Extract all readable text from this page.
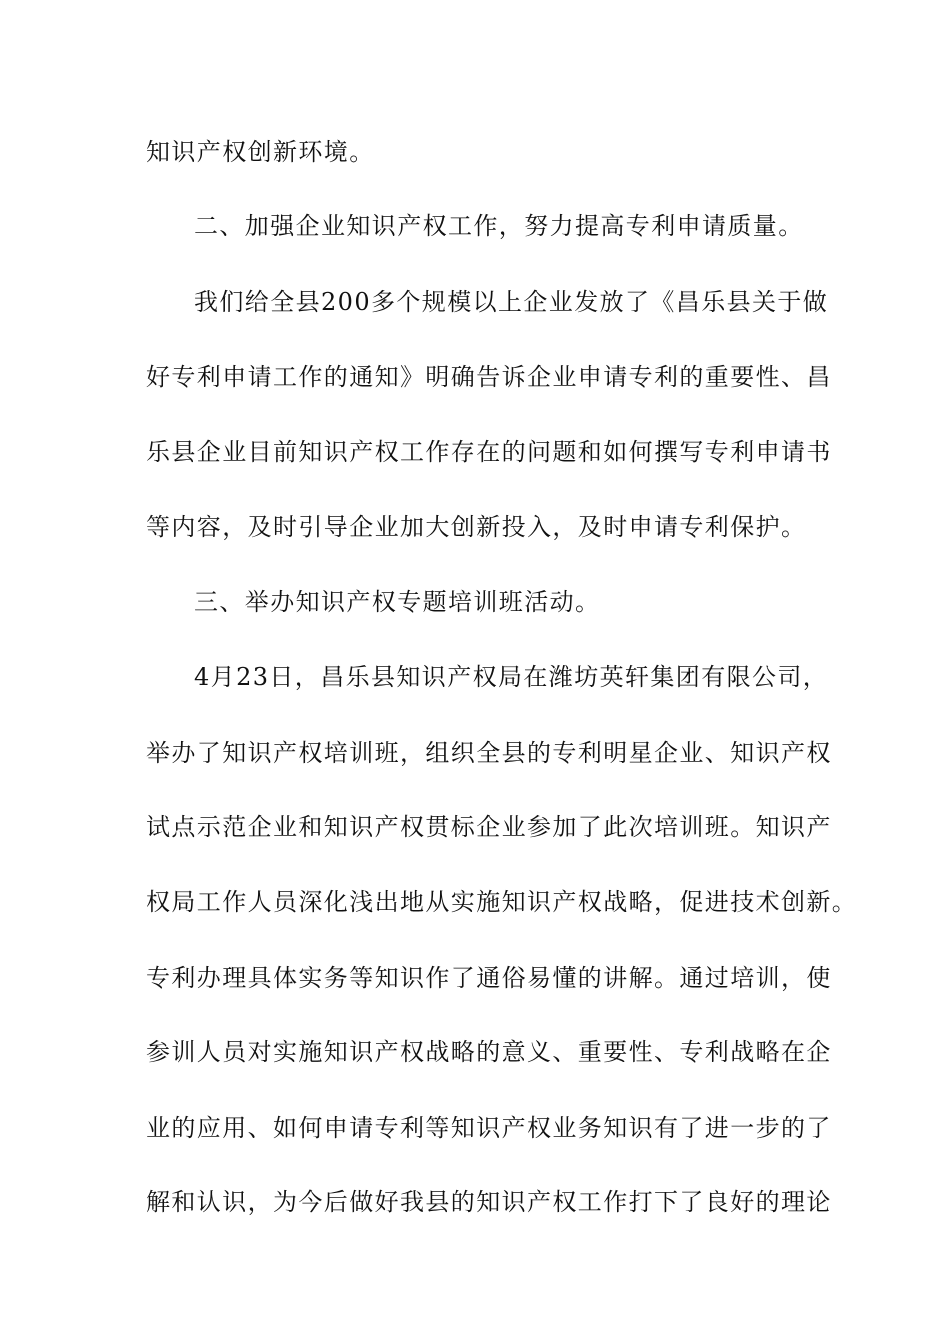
知识产权创新环境。
二、加强企业知识产权工作，努力提高专利申请质量。
我们给全县200多个规模以上企业发放了《昌乐县关于做
好专利申请工作的通知》明确告诉企业申请专利的重要性、昌
乐县企业目前知识产权工作存在的问题和如何撰写专利申请书
等内容，及时引导企业加大创新投入，及时申请专利保护。
三、举办知识产权专题培训班活动。
4月23日，昌乐县知识产权局在潍坊英轩集团有限公司，
举办了知识产权培训班，组织全县的专利明星企业、知识产权
试点示范企业和知识产权贯标企业参加了此次培训班。知识产
权局工作人员深化浅出地从实施知识产权战略，促进技术创新。
专利办理具体实务等知识作了通俗易懂的讲解。通过培训，使
参训人员对实施知识产权战略的意义、重要性、专利战略在企
业的应用、如何申请专利等知识产权业务知识有了进一步的了
解和认识，为今后做好我县的知识产权工作打下了良好的理论
